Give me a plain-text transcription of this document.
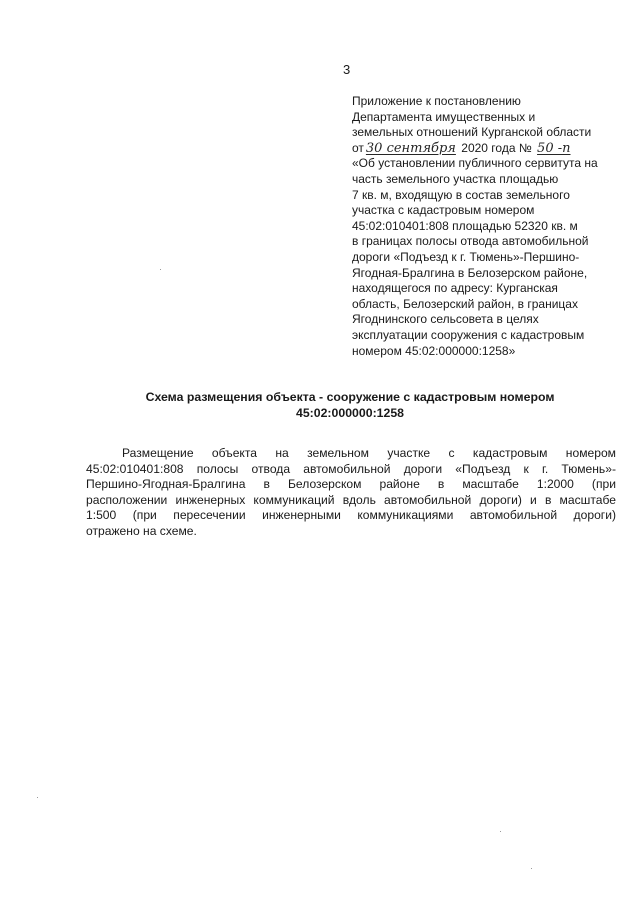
3
Приложение к постановлению
Департамента имущественных и
земельных отношений Курганской области
от 30 сентября 2020 года № 50 -п
«Об установлении публичного сервитута на
часть земельного участка площадью
7 кв. м, входящую в состав земельного
участка с кадастровым номером
45:02:010401:808 площадью 52320 кв. м
в границах полосы отвода автомобильной
дороги «Подъезд к г. Тюмень»-Першино-
Ягодная-Бралгина в Белозерском районе,
находящегося по адресу: Курганская
область, Белозерский район, в границах
Ягоднинского сельсовета в целях
эксплуатации сооружения с кадастровым
номером 45:02:000000:1258»
Схема размещения объекта - сооружение с кадастровым номером
45:02:000000:1258
Размещение объекта на земельном участке с кадастровым номером
45:02:010401:808 полосы отвода автомобильной дороги «Подъезд к г. Тюмень»-
Першино-Ягодная-Бралгина в Белозерском районе в масштабе 1:2000 (при
расположении инженерных коммуникаций вдоль автомобильной дороги) и в масштабе
1:500 (при пересечении инженерными коммуникациями автомобильной дороги)
отражено на схеме.
